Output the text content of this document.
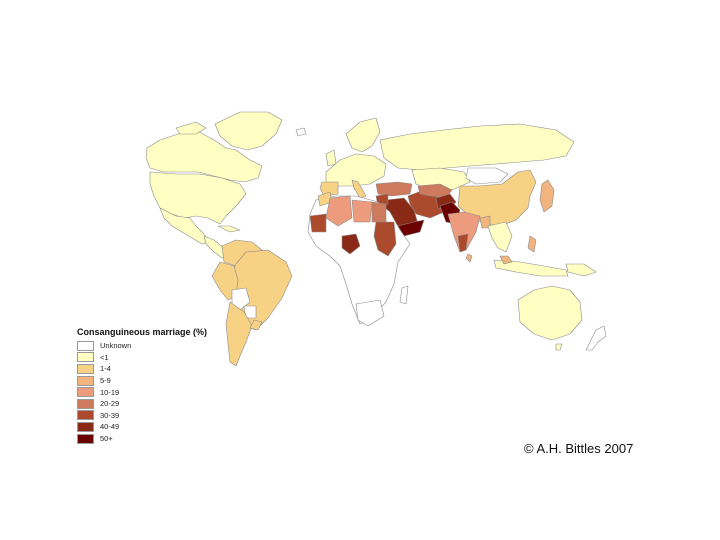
Consanguineous marriage (%)
Unknown
<1
1-4
5-9
10-19
20-29
30-39
40-49
50+
© A.H. Bittles 2007
